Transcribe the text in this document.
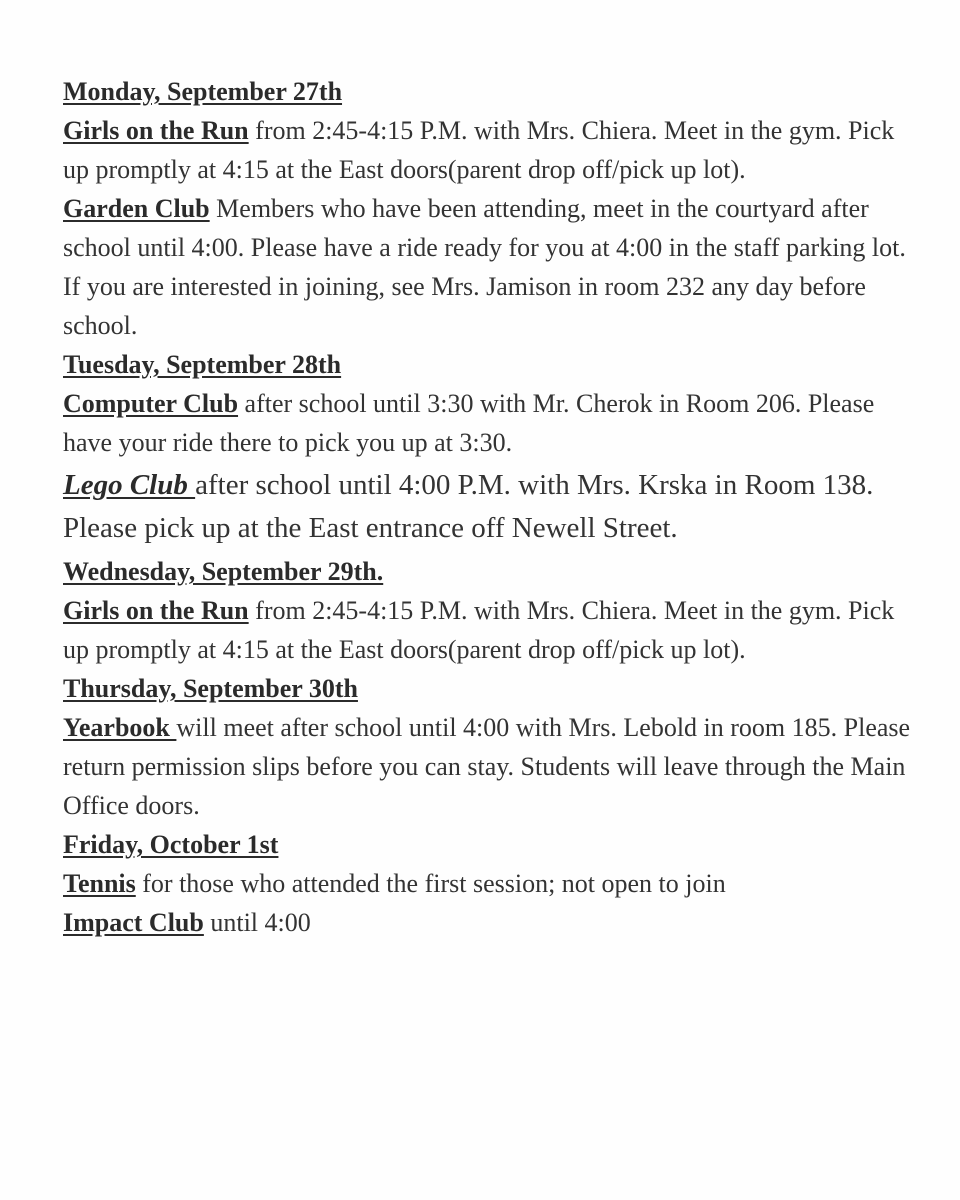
Monday, September 27th

Girls on the Run from 2:45-4:15 P.M. with Mrs. Chiera. Meet in the gym. Pick up promptly at 4:15 at the East doors(parent drop off/pick up lot).

Garden Club Members who have been attending, meet in the courtyard after school until 4:00. Please have a ride ready for you at 4:00 in the staff parking lot.

If you are interested in joining, see Mrs. Jamison in room 232 any day before school.

Tuesday, September 28th

Computer Club after school until 3:30 with Mr. Cherok in Room 206. Please have your ride there to pick you up at 3:30.

Lego Club after school until 4:00 P.M. with Mrs. Krska in Room 138. Please pick up at the East entrance off Newell Street.

Wednesday, September 29th.

Girls on the Run from 2:45-4:15 P.M. with Mrs. Chiera. Meet in the gym. Pick up promptly at 4:15 at the East doors(parent drop off/pick up lot).

Thursday, September 30th

Yearbook will meet after school until 4:00 with Mrs. Lebold in room 185. Please return permission slips before you can stay. Students will leave through the Main Office doors.

Friday, October 1st

Tennis for those who attended the first session; not open to join

Impact Club until 4:00
